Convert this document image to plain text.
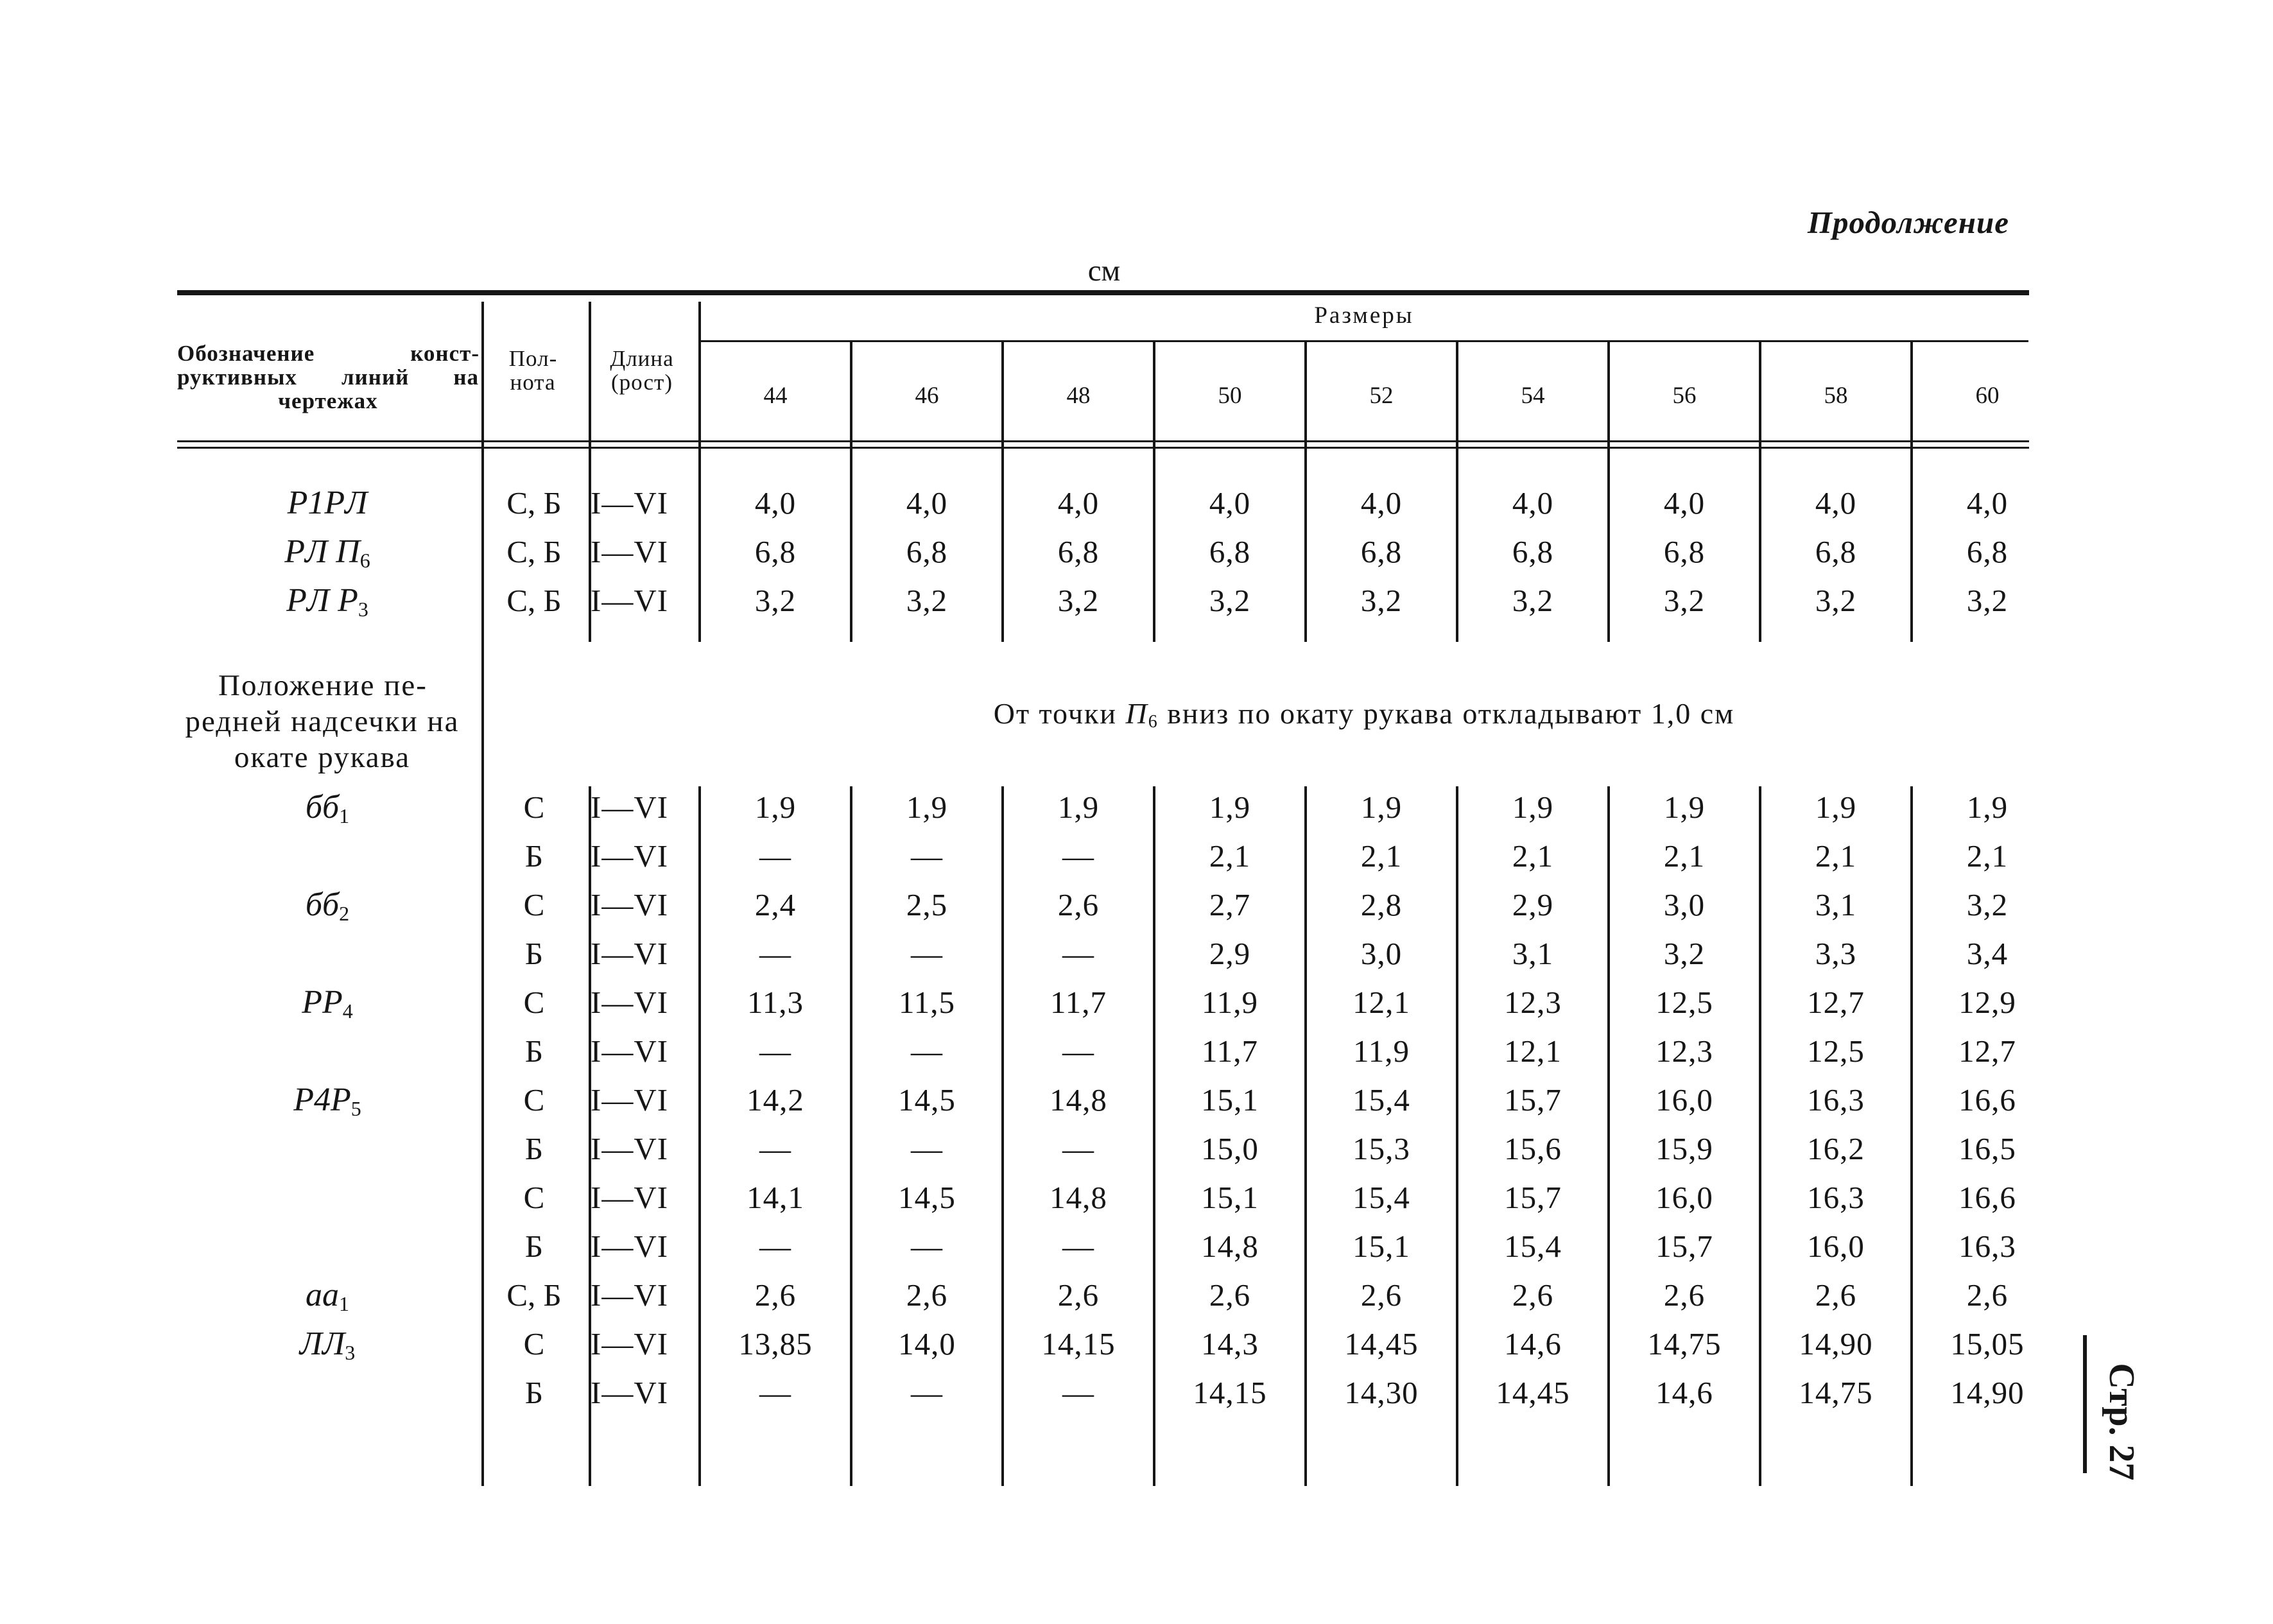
Продолжение
см
Обозначение конструктивных линий на чертежах
Полнота
Длина (рост)
Размеры
44	46	48	50	52	54	56	58	60
P1PЛ	С, Б I—VI	4,0	4,0	4,0	4,0	4,0	4,0	4,0	4,0	4,0
PЛ $П_6$	С, Б I—VI	6,8	6,8	6,8	6,8	6,8	6,8	6,8	6,8	6,8
PЛ $P_3$	С, Б I—VI	3,2	3,2	3,2	3,2	3,2	3,2	3,2	3,2	3,2
Положение передней надсечки на окате рукава
От точки $П_6$ вниз по окату рукава откладывают 1,0 см
$бб_1$	С	I—VI	1,9	1,9	1,9	1,9	1,9	1,9	1,9	1,9	1,9
Б	I—VI	—	—	—	2,1	2,1	2,1	2,1	2,1	2,1
$бб_2$	С	I—VI	2,4	2,5	2,6	2,7	2,8	2,9	3,0	3,1	3,2
Б	I—VI	—	—	—	2,9	3,0	3,1	3,2	3,3	3,4
$PP_4$	С	I—VI	11,3	11,5	11,7	11,9	12,1	12,3	12,5	12,7	12,9
Б	I—VI	—	—	—	11,7	11,9	12,1	12,3	12,5	12,7
$P4P_5$	С	I—VI	14,2	14,5	14,8	15,1	15,4	15,7	16,0	16,3	16,6
Б	I—VI	—	—	—	15,0	15,3	15,6	15,9	16,2	16,5
С	I—VI	14,1	14,5	14,8	15,1	15,4	15,7	16,0	16,3	16,6
Б	I—VI	—	—	—	14,8	15,1	15,4	15,7	16,0	16,3
$aa_1$	С, Б I—VI	2,6	2,6	2,6	2,6	2,6	2,6	2,6	2,6	2,6
$ЛЛ_3$	С	I—VI	13,85	14,0	14,15	14,3	14,45	14,6	14,75	14,90	15,05
Б	I—VI	—	—	—	14,15	14,30	14,45	14,6	14,75	14,90	Стр. 27
